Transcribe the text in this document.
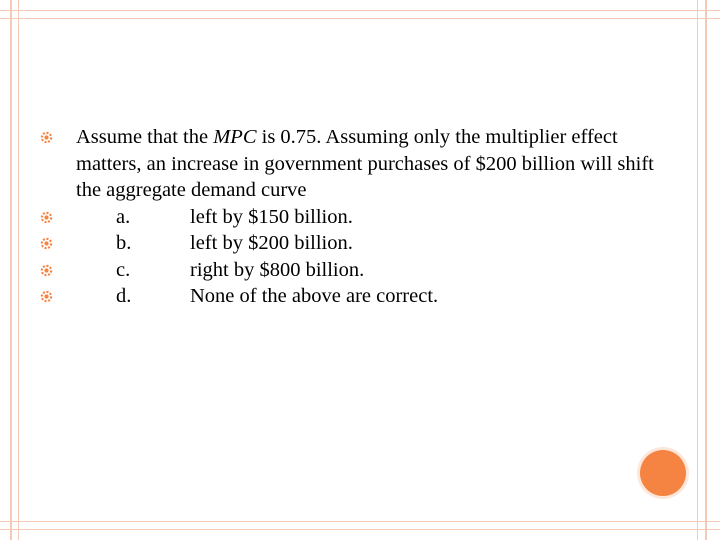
Assume that the MPC is 0.75. Assuming only the multiplier effect matters, an increase in government purchases of $200 billion will shift the aggregate demand curve

a.	left by $150 billion.

b.	left by $200 billion.

c.	right by $800 billion.

d.	None of the above are correct.
